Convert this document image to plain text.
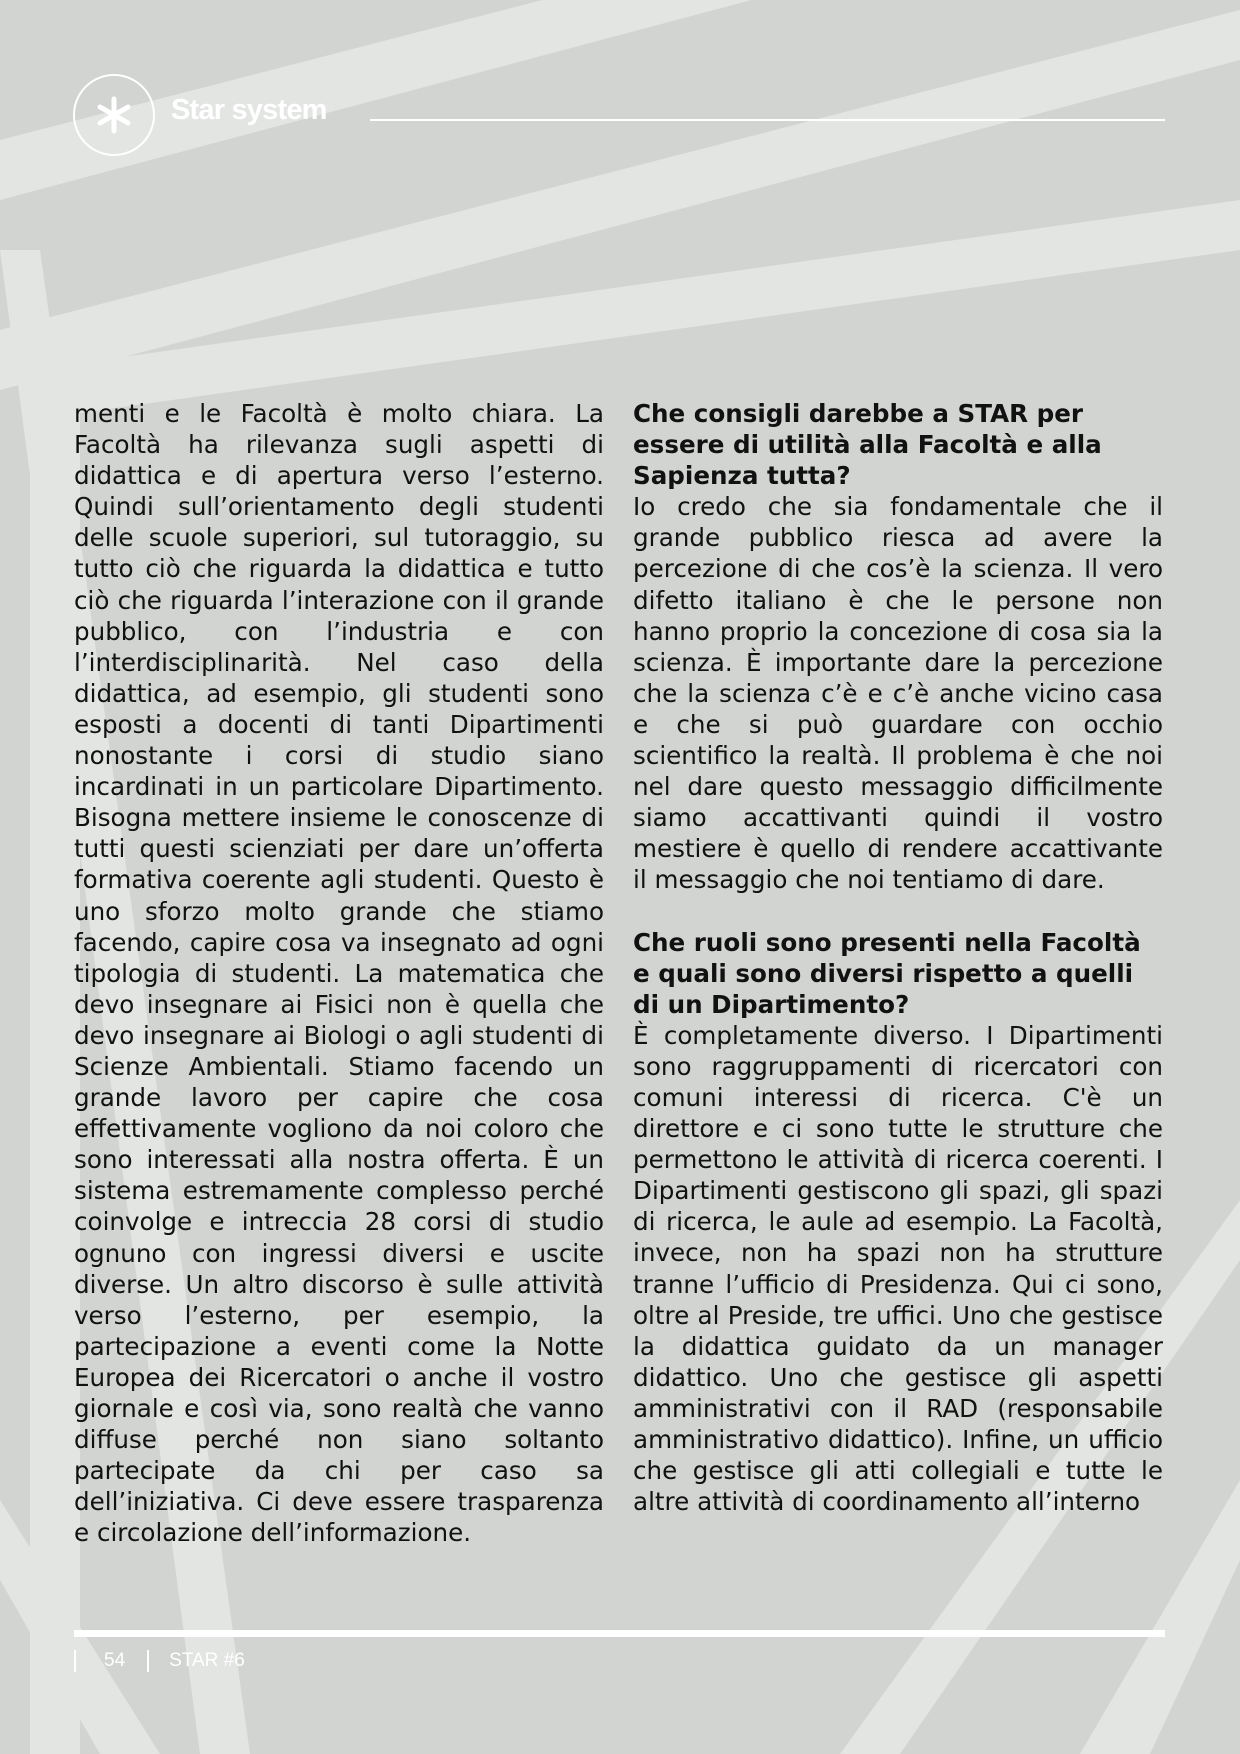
Star system

menti e le Facoltà è molto chiara. La Facoltà ha rilevanza sugli aspetti di didattica e di apertura verso l’esterno. Quindi sull’orientamento degli studenti delle scuole superiori, sul tutoraggio, su tutto ciò che riguarda la didattica e tutto ciò che riguarda l’interazione con il grande pubblico, con l’industria e con l’interdisciplinarità. Nel caso della didattica, ad esempio, gli studenti sono esposti a docenti di tanti Dipartimenti nonostante i corsi di studio siano incardinati in un particolare Dipartimento. Bisogna mettere insieme le conoscenze di tutti questi scienziati per dare un’offerta formativa coerente agli studenti. Questo è uno sforzo molto grande che stiamo facendo, capire cosa va insegnato ad ogni tipologia di studenti. La matematica che devo insegnare ai Fisici non è quella che devo insegnare ai Biologi o agli studenti di Scienze Ambientali. Stiamo facendo un grande lavoro per capire che cosa effettivamente vogliono da noi coloro che sono interessati alla nostra offerta. È un sistema estremamente complesso perché coinvolge e intreccia 28 corsi di studio ognuno con ingressi diversi e uscite diverse. Un altro discorso è sulle attività verso l’esterno, per esempio, la partecipazione a eventi come la Notte Europea dei Ricercatori o anche il vostro giornale e così via, sono realtà che vanno diffuse perché non siano soltanto partecipate da chi per caso sa dell’iniziativa. Ci deve essere trasparenza e circolazione dell’informazione.

Che consigli darebbe a STAR per essere di utilità alla Facoltà e alla Sapienza tutta?

Io credo che sia fondamentale che il grande pubblico riesca ad avere la percezione di che cos’è la scienza. Il vero difetto italiano è che le persone non hanno proprio la concezione di cosa sia la scienza. È importante dare la percezione che la scienza c’è e c’è anche vicino casa e che si può guardare con occhio scientifico la realtà. Il problema è che noi nel dare questo messaggio difficilmente siamo accattivanti quindi il vostro mestiere è quello di rendere accattivante il messaggio che noi tentiamo di dare.

Che ruoli sono presenti nella Facoltà e quali sono diversi rispetto a quelli di un Dipartimento?

È completamente diverso. I Dipartimenti sono raggruppamenti di ricercatori con comuni interessi di ricerca. C'è un direttore e ci sono tutte le strutture che permettono le attività di ricerca coerenti. I Dipartimenti gestiscono gli spazi, gli spazi di ricerca, le aule ad esempio. La Facoltà, invece, non ha spazi non ha strutture tranne l’ufficio di Presidenza. Qui ci sono, oltre al Preside, tre uffici. Uno che gestisce la didattica guidato da un manager didattico. Uno che gestisce gli aspetti amministrativi con il RAD (responsabile amministrativo didattico). Infine, un ufficio che gestisce gli atti collegiali e tutte le altre attività di coordinamento all’interno

54 STAR #6
